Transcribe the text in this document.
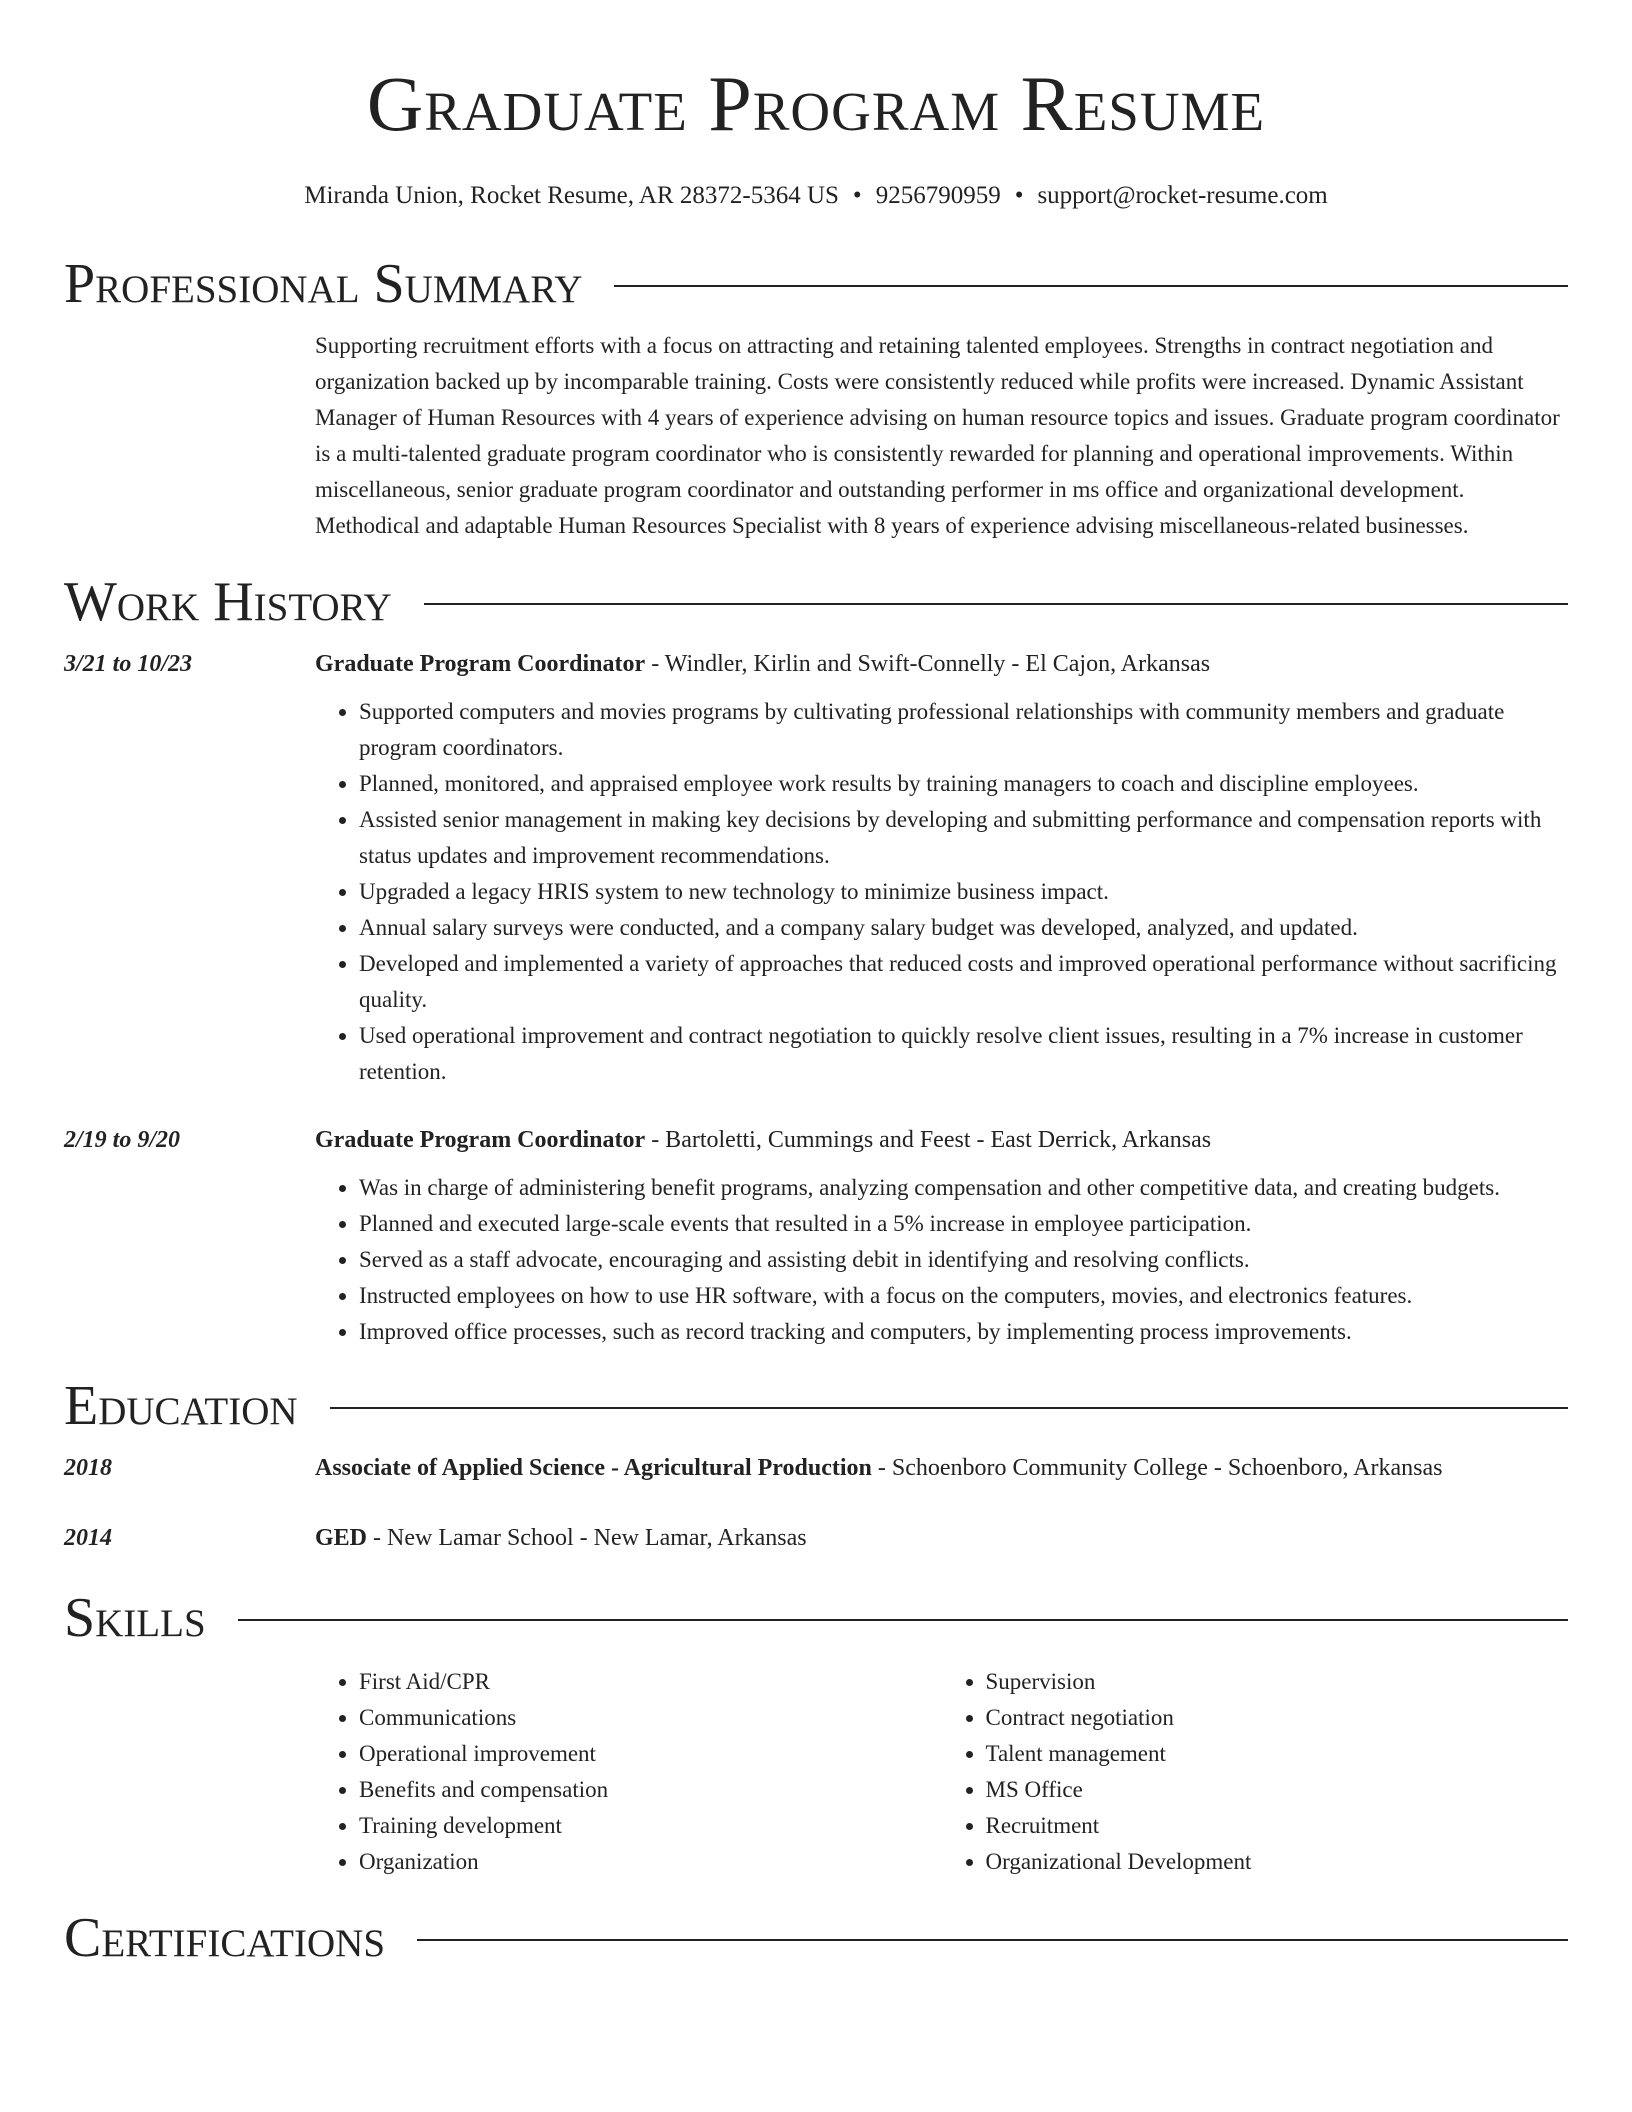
Graduate Program Resume
Miranda Union, Rocket Resume, AR 28372-5364 US • 9256790959 • support@rocket-resume.com
Professional Summary
Supporting recruitment efforts with a focus on attracting and retaining talented employees. Strengths in contract negotiation and organization backed up by incomparable training. Costs were consistently reduced while profits were increased. Dynamic Assistant Manager of Human Resources with 4 years of experience advising on human resource topics and issues. Graduate program coordinator is a multi-talented graduate program coordinator who is consistently rewarded for planning and operational improvements. Within miscellaneous, senior graduate program coordinator and outstanding performer in ms office and organizational development. Methodical and adaptable Human Resources Specialist with 8 years of experience advising miscellaneous-related businesses.
Work History
3/21 to 10/23	Graduate Program Coordinator - Windler, Kirlin and Swift-Connelly - El Cajon, Arkansas
• Supported computers and movies programs by cultivating professional relationships with community members and graduate program coordinators.
• Planned, monitored, and appraised employee work results by training managers to coach and discipline employees.
• Assisted senior management in making key decisions by developing and submitting performance and compensation reports with status updates and improvement recommendations.
• Upgraded a legacy HRIS system to new technology to minimize business impact.
• Annual salary surveys were conducted, and a company salary budget was developed, analyzed, and updated.
• Developed and implemented a variety of approaches that reduced costs and improved operational performance without sacrificing quality.
• Used operational improvement and contract negotiation to quickly resolve client issues, resulting in a 7% increase in customer retention.
2/19 to 9/20	Graduate Program Coordinator - Bartoletti, Cummings and Feest - East Derrick, Arkansas
• Was in charge of administering benefit programs, analyzing compensation and other competitive data, and creating budgets.
• Planned and executed large-scale events that resulted in a 5% increase in employee participation.
• Served as a staff advocate, encouraging and assisting debit in identifying and resolving conflicts.
• Instructed employees on how to use HR software, with a focus on the computers, movies, and electronics features.
• Improved office processes, such as record tracking and computers, by implementing process improvements.
Education
2018	Associate of Applied Science - Agricultural Production - Schoenboro Community College - Schoenboro, Arkansas
2014	GED - New Lamar School - New Lamar, Arkansas
Skills
• First Aid/CPR
• Communications
• Operational improvement
• Benefits and compensation
• Training development
• Organization
• Supervision
• Contract negotiation
• Talent management
• MS Office
• Recruitment
• Organizational Development
Certifications
